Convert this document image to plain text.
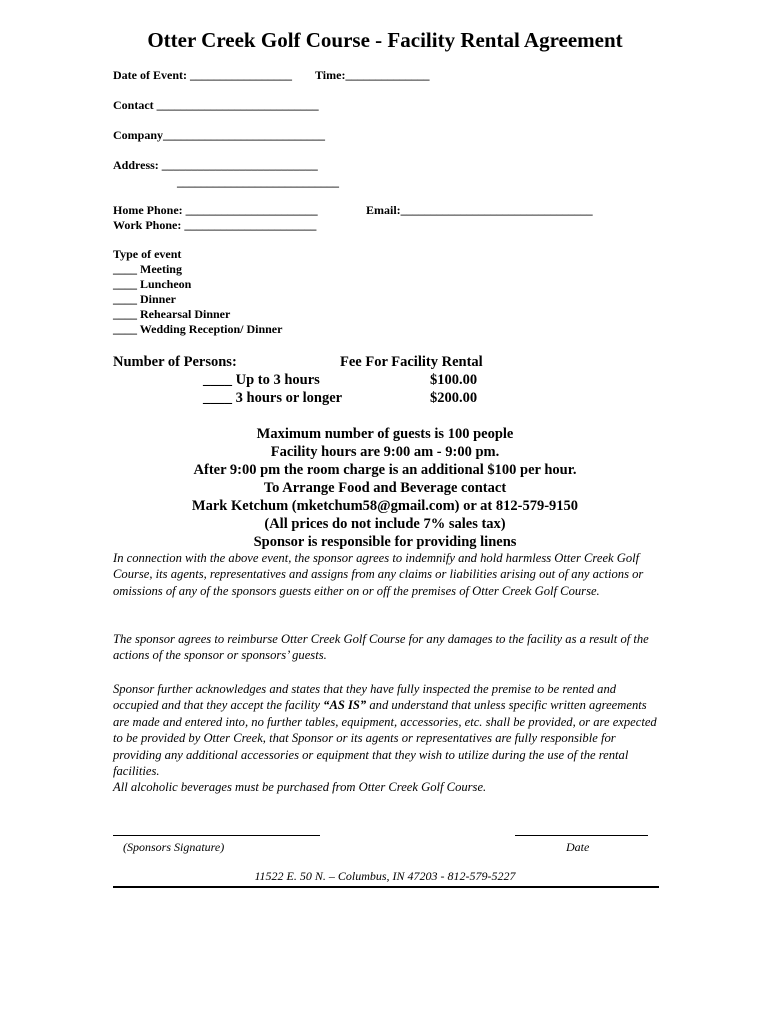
Otter Creek Golf Course - Facility Rental Agreement
Date of Event: _________________ Time:______________
Contact ___________________________
Company___________________________
Address: __________________________
___________________________
Home Phone: ______________________	Email:________________________________
Work Phone: ______________________
Type of event
____ Meeting
____ Luncheon
____ Dinner
____ Rehearsal Dinner
____ Wedding Reception/ Dinner
Number of Persons:	Fee For Facility Rental
____ Up to 3 hours	$100.00
____ 3 hours or longer	$200.00
Maximum number of guests is 100 people
Facility hours are 9:00 am - 9:00 pm.
After 9:00 pm the room charge is an additional $100 per hour.
To Arrange Food and Beverage contact
Mark Ketchum (mketchum58@gmail.com) or at 812-579-9150
(All prices do not include 7% sales tax)
Sponsor is responsible for providing linens

In connection with the above event, the sponsor agrees to indemnify and hold harmless Otter Creek Golf Course, its agents, representatives and assigns from any claims or liabilities arising out of any actions or omissions of any of the sponsors guests either on or off the premises of Otter Creek Golf Course.

The sponsor agrees to reimburse Otter Creek Golf Course for any damages to the facility as a result of the actions of the sponsor or sponsors’ guests.

Sponsor further acknowledges and states that they have fully inspected the premise to be rented and occupied and that they accept the facility “AS IS” and understand that unless specific written agreements are made and entered into, no further tables, equipment, accessories, etc. shall be provided, or are expected to be provided by Otter Creek, that Sponsor or its agents or representatives are fully responsible for providing any additional accessories or equipment that they wish to utilize during the use of the rental facilities.

All alcoholic beverages must be purchased from Otter Creek Golf Course.

(Sponsors Signature)	Date
11522 E. 50 N. – Columbus, IN 47203 - 812-579-5227
